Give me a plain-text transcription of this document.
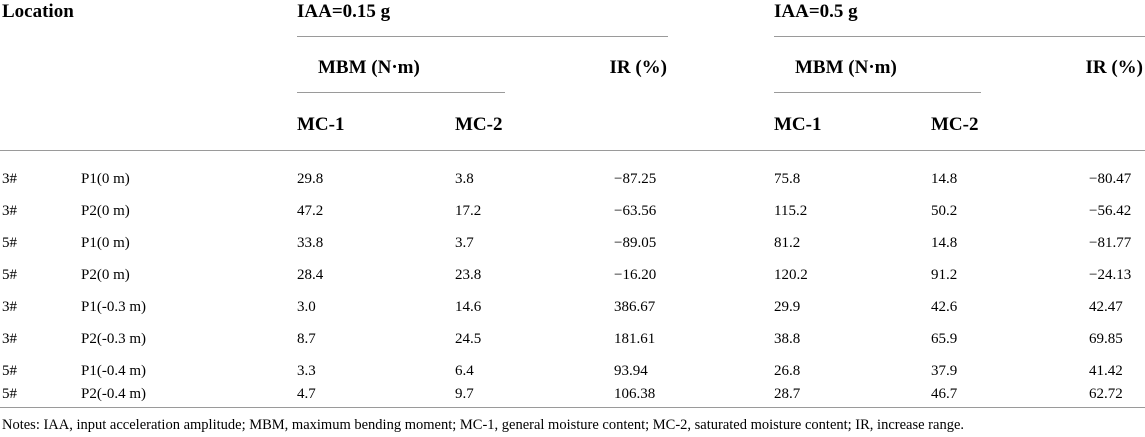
Location	IAA=0.15 g	IAA=0.5 g
MBM (N·m)	IR (%)	MBM (N·m)	IR (%)
MC-1	MC-2	MC-1	MC-2
3#	P1(0 m)	29.8	3.8	−87.25	75.8	14.8	−80.47
3#	P2(0 m)	47.2	17.2	−63.56	115.2	50.2	−56.42
5#	P1(0 m)	33.8	3.7	−89.05	81.2	14.8	−81.77
5#	P2(0 m)	28.4	23.8	−16.20	120.2	91.2	−24.13
3#	P1(-0.3 m)	3.0	14.6	386.67	29.9	42.6	42.47
3#	P2(-0.3 m)	8.7	24.5	181.61	38.8	65.9	69.85
5#	P1(-0.4 m)	3.3	6.4	93.94	26.8	37.9	41.42
5#	P2(-0.4 m)	4.7	9.7	106.38	28.7	46.7	62.72
Notes: IAA, input acceleration amplitude; MBM, maximum bending moment; MC-1, general moisture content; MC-2, saturated moisture content; IR, increase range.
